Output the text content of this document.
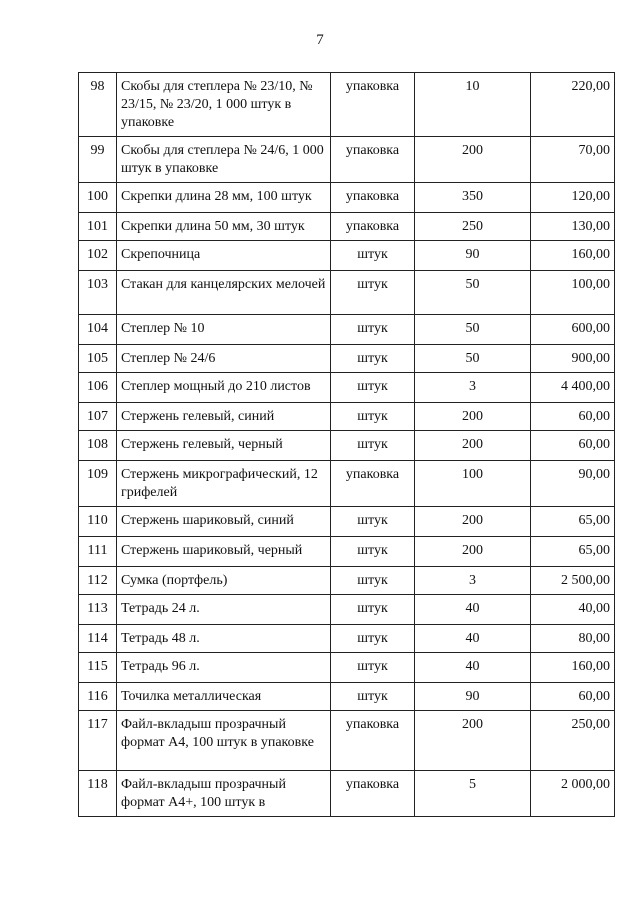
7
98	Скобы для степлера № 23/10, № 23/15, № 23/20, 1 000 штук в упаковке	упаковка	10	220,00
99	Скобы для степлера № 24/6, 1 000 штук в упаковке	упаковка	200	70,00
100	Скрепки длина 28 мм, 100 штук	упаковка	350	120,00
101	Скрепки длина 50 мм, 30 штук	упаковка	250	130,00
102	Скрепочница	штук	90	160,00
103	Стакан для канцелярских мелочей	штук	50	100,00
104	Степлер № 10	штук	50	600,00
105	Степлер № 24/6	штук	50	900,00
106	Степлер мощный до 210 листов	штук	3	4 400,00
107	Стержень гелевый, синий	штук	200	60,00
108	Стержень гелевый, черный	штук	200	60,00
109	Стержень микрографический, 12 грифелей	упаковка	100	90,00
110	Стержень шариковый, синий	штук	200	65,00
111	Стержень шариковый, черный	штук	200	65,00
112	Сумка (портфель)	штук	3	2 500,00
113	Тетрадь 24 л.	штук	40	40,00
114	Тетрадь 48 л.	штук	40	80,00
115	Тетрадь 96 л.	штук	40	160,00
116	Точилка металлическая	штук	90	60,00
117	Файл-вкладыш прозрачный формат А4, 100 штук в упаковке	упаковка	200	250,00
118	Файл-вкладыш прозрачный формат А4+, 100 штук в	упаковка	5	2 000,00
